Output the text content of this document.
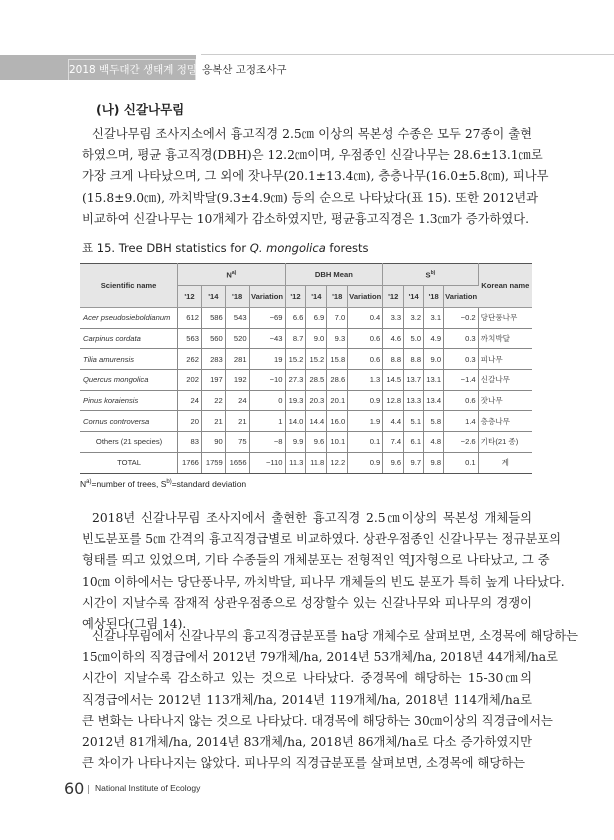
2018 백두대간 생태계 정밀조사
응복산 고정조사구
(나) 신갈나무림
신갈나무림 조사지소에서 흉고직경 2.5㎝ 이상의 목본성 수종은 모두 27종이 출현
하였으며, 평균 흉고직경(DBH)은 12.2㎝이며, 우점종인 신갈나무는 28.6±13.1㎝로
가장 크게 나타났으며, 그 외에 잣나무(20.1±13.4㎝), 층층나무(16.0±5.8㎝), 피나무
(15.8±9.0㎝), 까치박달(9.3±4.9㎝) 등의 순으로 나타났다(표 15). 또한 2012년과
비교하여 신갈나무는 10개체가 감소하였지만, 평균흉고직경은 1.3㎝가 증가하였다.
표 15. Tree DBH statistics for Q. mongolica forests
Scientific name	$N^{a)}$				DBH Mean				$S^{b)}$				Korean name
	'12	'14	'18	Variation	'12	'14	'18	Variation	'12	'14	'18	Variation	
Acer pseudosieboldianum	612	586	543	−69	6.6	6.9	7.0	0.4	3.3	3.2	3.1	−0.2	당단풍나무
Carpinus cordata	563	560	520	−43	8.7	9.0	9.3	0.6	4.6	5.0	4.9	0.3	까치박달
Tilia amurensis	262	283	281	19	15.2	15.2	15.8	0.6	8.8	8.8	9.0	0.3	피나무
Quercus mongolica	202	197	192	−10	27.3	28.5	28.6	1.3	14.5	13.7	13.1	−1.4	신갈나무
Pinus koraiensis	24	22	24	0	19.3	20.3	20.1	0.9	12.8	13.3	13.4	0.6	잣나무
Cornus controversa	20	21	21	1	14.0	14.4	16.0	1.9	4.4	5.1	5.8	1.4	층층나무
Others (21 species)	83	90	75	−8	9.9	9.6	10.1	0.1	7.4	6.1	4.8	−2.6	기타(21 종)
TOTAL	1766	1759	1656	−110	11.3	11.8	12.2	0.9	9.6	9.7	9.8	0.1	계
$N^{a)}=number$ of trees, $S^{b)}=standard$ deviation
2018년 신갈나무림 조사지에서 출현한 흉고직경 2.5㎝이상의 목본성 개체들의
빈도분포를 5㎝ 간격의 흉고직경급별로 비교하였다. 상관우점종인 신갈나무는 정규분포의
형태를 띄고 있었으며, 기타 수종들의 개체분포는 전형적인 역J자형으로 나타났고, 그 중
10㎝ 이하에서는 당단풍나무, 까치박달, 피나무 개체들의 빈도 분포가 특히 높게 나타났다.
시간이 지날수록 잠재적 상관우점종으로 성장할수 있는 신갈나무와 피나무의 경쟁이
예상된다(그림 14).
신갈나무림에서 신갈나무의 흉고직경급분포를 ha당 개체수로 살펴보면, 소경목에 해당하는
15㎝이하의 직경급에서 2012년 79개체/ha, 2014년 53개체/ha, 2018년 44개체/ha로
시간이 지날수록 감소하고 있는 것으로 나타났다. 중경목에 해당하는 15-30㎝의
직경급에서는 2012년 113개체/ha, 2014년 119개체/ha, 2018년 114개체/ha로
큰 변화는 나타나지 않는 것으로 나타났다. 대경목에 해당하는 30㎝이상의 직경급에서는
2012년 81개체/ha, 2014년 83개체/ha, 2018년 86개체/ha로 다소 증가하였지만
큰 차이가 나타나지는 않았다. 피나무의 직경급분포를 살펴보면, 소경목에 해당하는
60 National Institute of Ecology
